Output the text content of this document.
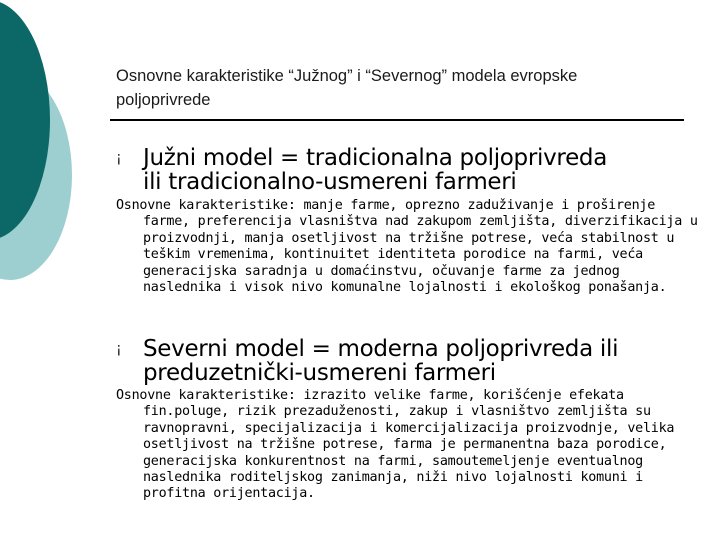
Osnovne karakteristike “Južnog” i “Severnog” modela evropske
poljoprivrede
¡ Južni model = tradicionalna poljoprivreda
ili tradicionalno-usmereni farmeri
Osnovne karakteristike: manje farme, oprezno zaduživanje i proširenje farme, preferencija vlasništva nad zakupom zemljišta, diverzifikacija u proizvodnji, manja osetljivost na tržišne potrese, veća stabilnost u teškim vremenima, kontinuitet identiteta porodice na farmi, veća generacijska saradnja u domaćinstvu, očuvanje farme za jednog naslednika i visok nivo komunalne lojalnosti i ekološkog ponašanja.
¡ Severni model = moderna poljoprivreda ili
preduzetnički-usmereni farmeri
Osnovne karakteristike: izrazito velike farme, korišćenje efekata fin.poluge, rizik prezaduženosti, zakup i vlasništvo zemljišta su ravnopravni, specijalizacija i komercijalizacija proizvodnje, velika osetljivost na tržišne potrese, farma je permanentna baza porodice, generacijska konkurentnost na farmi, samoutemeljenje eventualnog naslednika roditeljskog zanimanja, niži nivo lojalnosti komuni i profitna orijentacija.
